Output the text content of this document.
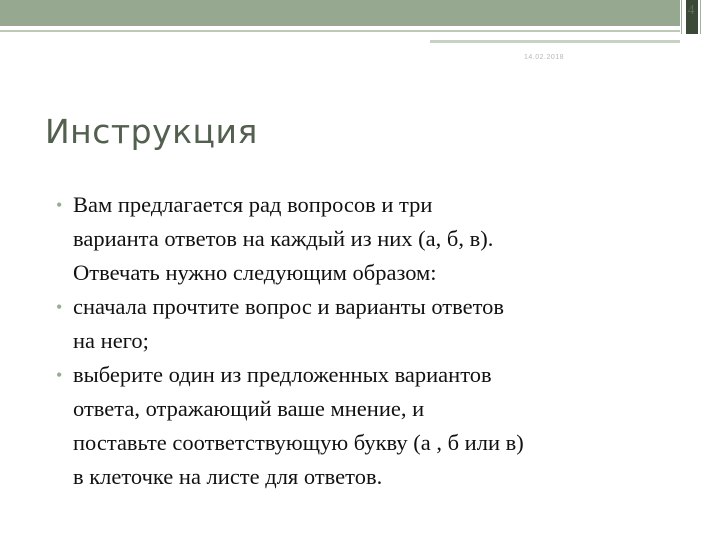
4
14.02.2018
Инструкция
• Вам предлагается рад вопросов и три
варианта ответов на каждый из них (а, б, в).
Отвечать нужно следующим образом:
• сначала прочтите вопрос и варианты ответов
на него;
• выберите один из предложенных вариантов
ответа, отражающий ваше мнение, и
поставьте соответствующую букву (а , б или в)
в клеточке на листе для ответов.
